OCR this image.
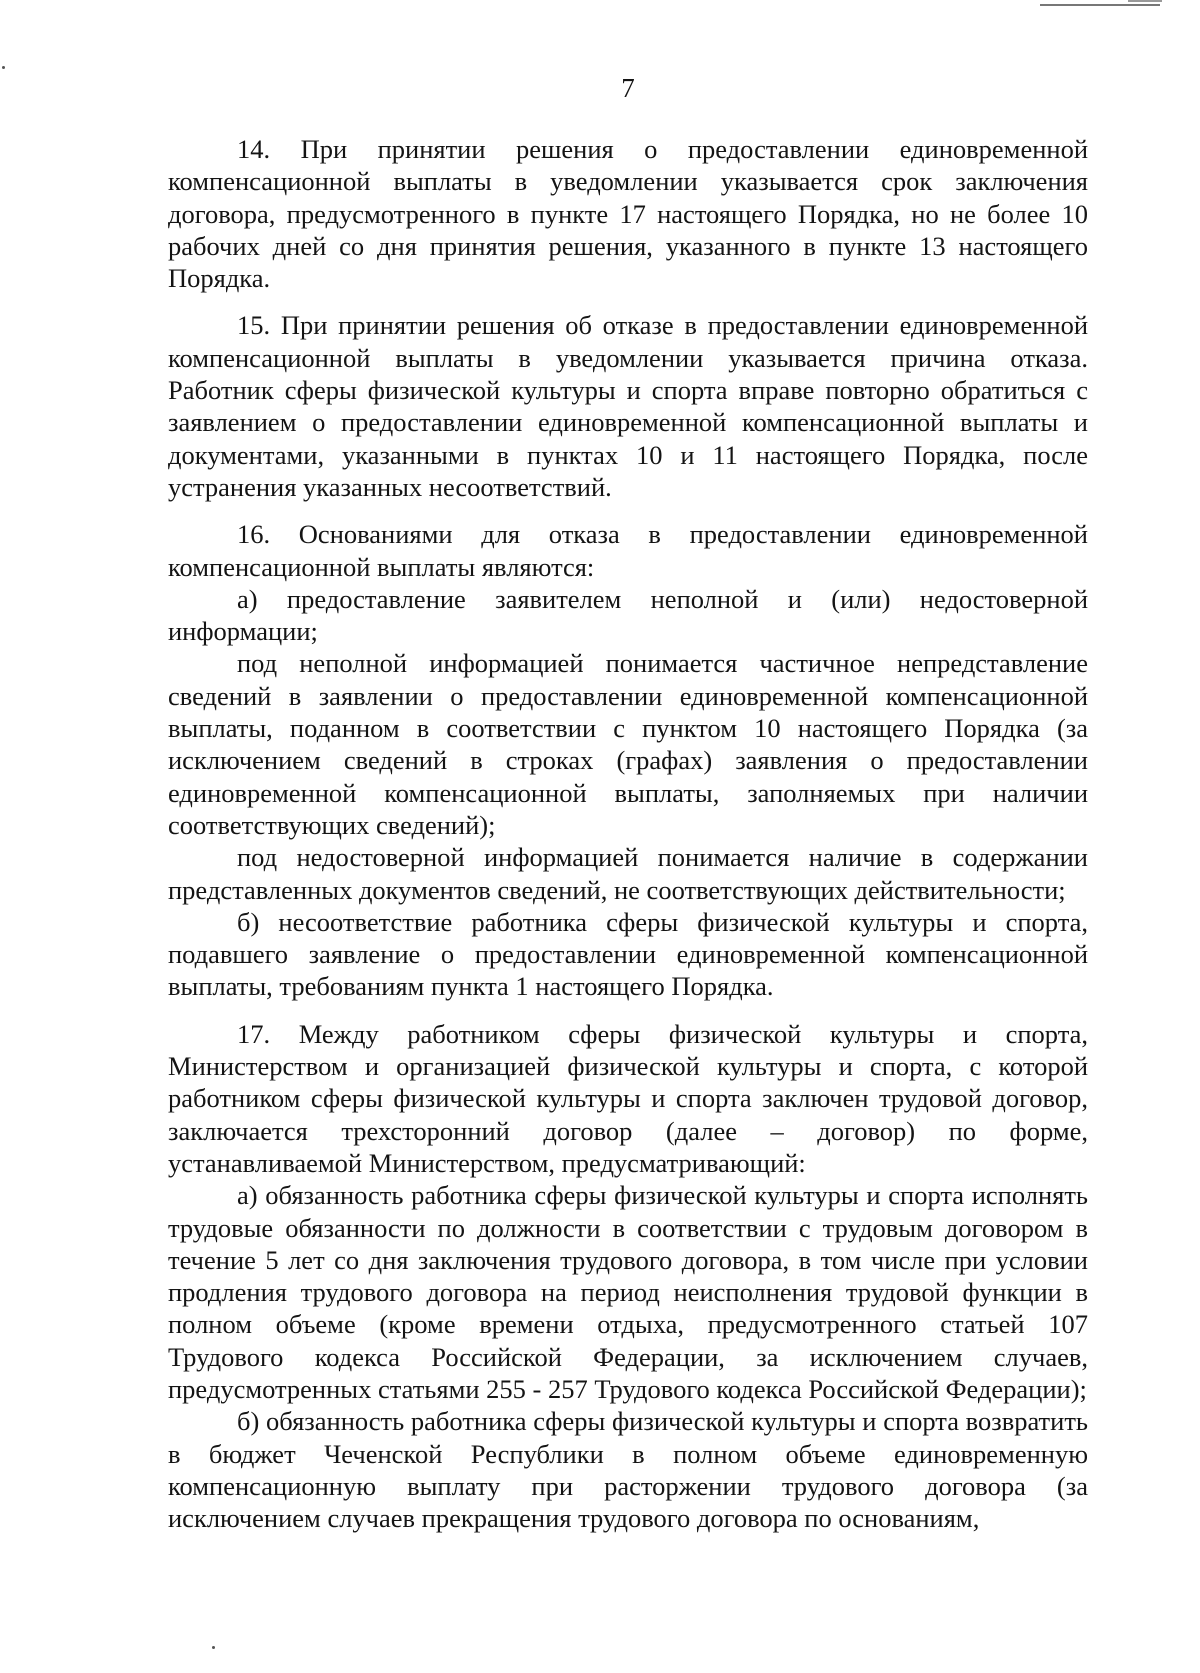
7

14. При принятии решения о предоставлении единовременной компенсационной выплаты в уведомлении указывается срок заключения договора, предусмотренного в пункте 17 настоящего Порядка, но не более 10 рабочих дней со дня принятия решения, указанного в пункте 13 настоящего Порядка.

15. При принятии решения об отказе в предоставлении единовременной компенсационной выплаты в уведомлении указывается причина отказа. Работник сферы физической культуры и спорта вправе повторно обратиться с заявлением о предоставлении единовременной компенсационной выплаты и документами, указанными в пунктах 10 и 11 настоящего Порядка, после устранения указанных несоответствий.

16. Основаниями для отказа в предоставлении единовременной компенсационной выплаты являются:

а) предоставление заявителем неполной и (или) недостоверной информации;

под неполной информацией понимается частичное непредставление сведений в заявлении о предоставлении единовременной компенсационной выплаты, поданном в соответствии с пунктом 10 настоящего Порядка (за исключением сведений в строках (графах) заявления о предоставлении единовременной компенсационной выплаты, заполняемых при наличии соответствующих сведений);

под недостоверной информацией понимается наличие в содержании представленных документов сведений, не соответствующих действительности;

б) несоответствие работника сферы физической культуры и спорта, подавшего заявление о предоставлении единовременной компенсационной выплаты, требованиям пункта 1 настоящего Порядка.

17. Между работником сферы физической культуры и спорта, Министерством и организацией физической культуры и спорта, с которой работником сферы физической культуры и спорта заключен трудовой договор, заключается трехсторонний договор (далее – договор) по форме, устанавливаемой Министерством, предусматривающий:

а) обязанность работника сферы физической культуры и спорта исполнять трудовые обязанности по должности в соответствии с трудовым договором в течение 5 лет со дня заключения трудового договора, в том числе при условии продления трудового договора на период неисполнения трудовой функции в полном объеме (кроме времени отдыха, предусмотренного статьей 107 Трудового кодекса Российской Федерации, за исключением случаев, предусмотренных статьями 255 - 257 Трудового кодекса Российской Федерации);

б) обязанность работника сферы физической культуры и спорта возвратить в бюджет Чеченской Республики в полном объеме единовременную компенсационную выплату при расторжении трудового договора (за исключением случаев прекращения трудового договора по основаниям,
